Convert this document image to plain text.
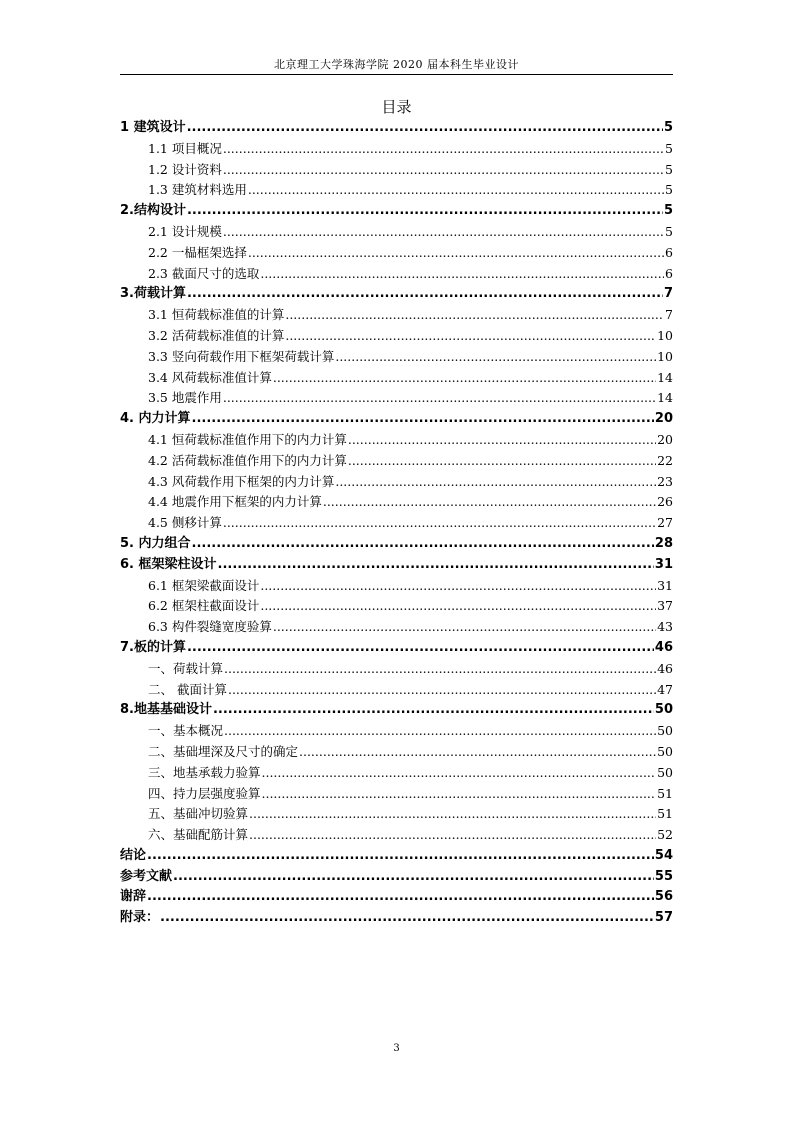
北京理工大学珠海学院 2020 届本科生毕业设计
目录
1 建筑设计 .....	5
1.1 项目概况 .....	5
1.2 设计资料 .....	5
1.3 建筑材料选用 .....	5
2.结构设计 .....	5
2.1 设计规模 .....	5
2.2 一榀框架选择 .....	6
2.3 截面尺寸的选取 .....	6
3.荷载计算 .....	7
3.1 恒荷载标准值的计算 .....	7
3.2 活荷载标准值的计算 .....	10
3.3 竖向荷载作用下框架荷载计算 .....	10
3.4 风荷载标准值计算 .....	14
3.5 地震作用 .....	14
4. 内力计算 .....	20
4.1 恒荷载标准值作用下的内力计算 .....	20
4.2 活荷载标准值作用下的内力计算 .....	22
4.3 风荷载作用下框架的内力计算 .....	23
4.4 地震作用下框架的内力计算 .....	26
4.5 侧移计算 .....	27
5. 内力组合 .....	28
6. 框架梁柱设计 .....	31
6.1 框架梁截面设计 .....	31
6.2 框架柱截面设计 .....	37
6.3 构件裂缝宽度验算 .....	43
7.板的计算 .....	46
一、荷载计算 .....	46
二、 截面计算 .....	47
8.地基基础设计 .....	50
一、基本概况 .....	50
二、基础埋深及尺寸的确定 .....	50
三、地基承载力验算 .....	50
四、持力层强度验算 .....	51
五、基础冲切验算 .....	51
六、基础配筋计算 .....	52
结论 .....	54
参考文献 .....	55
谢辞 .....	56
附录： .....	57
3
